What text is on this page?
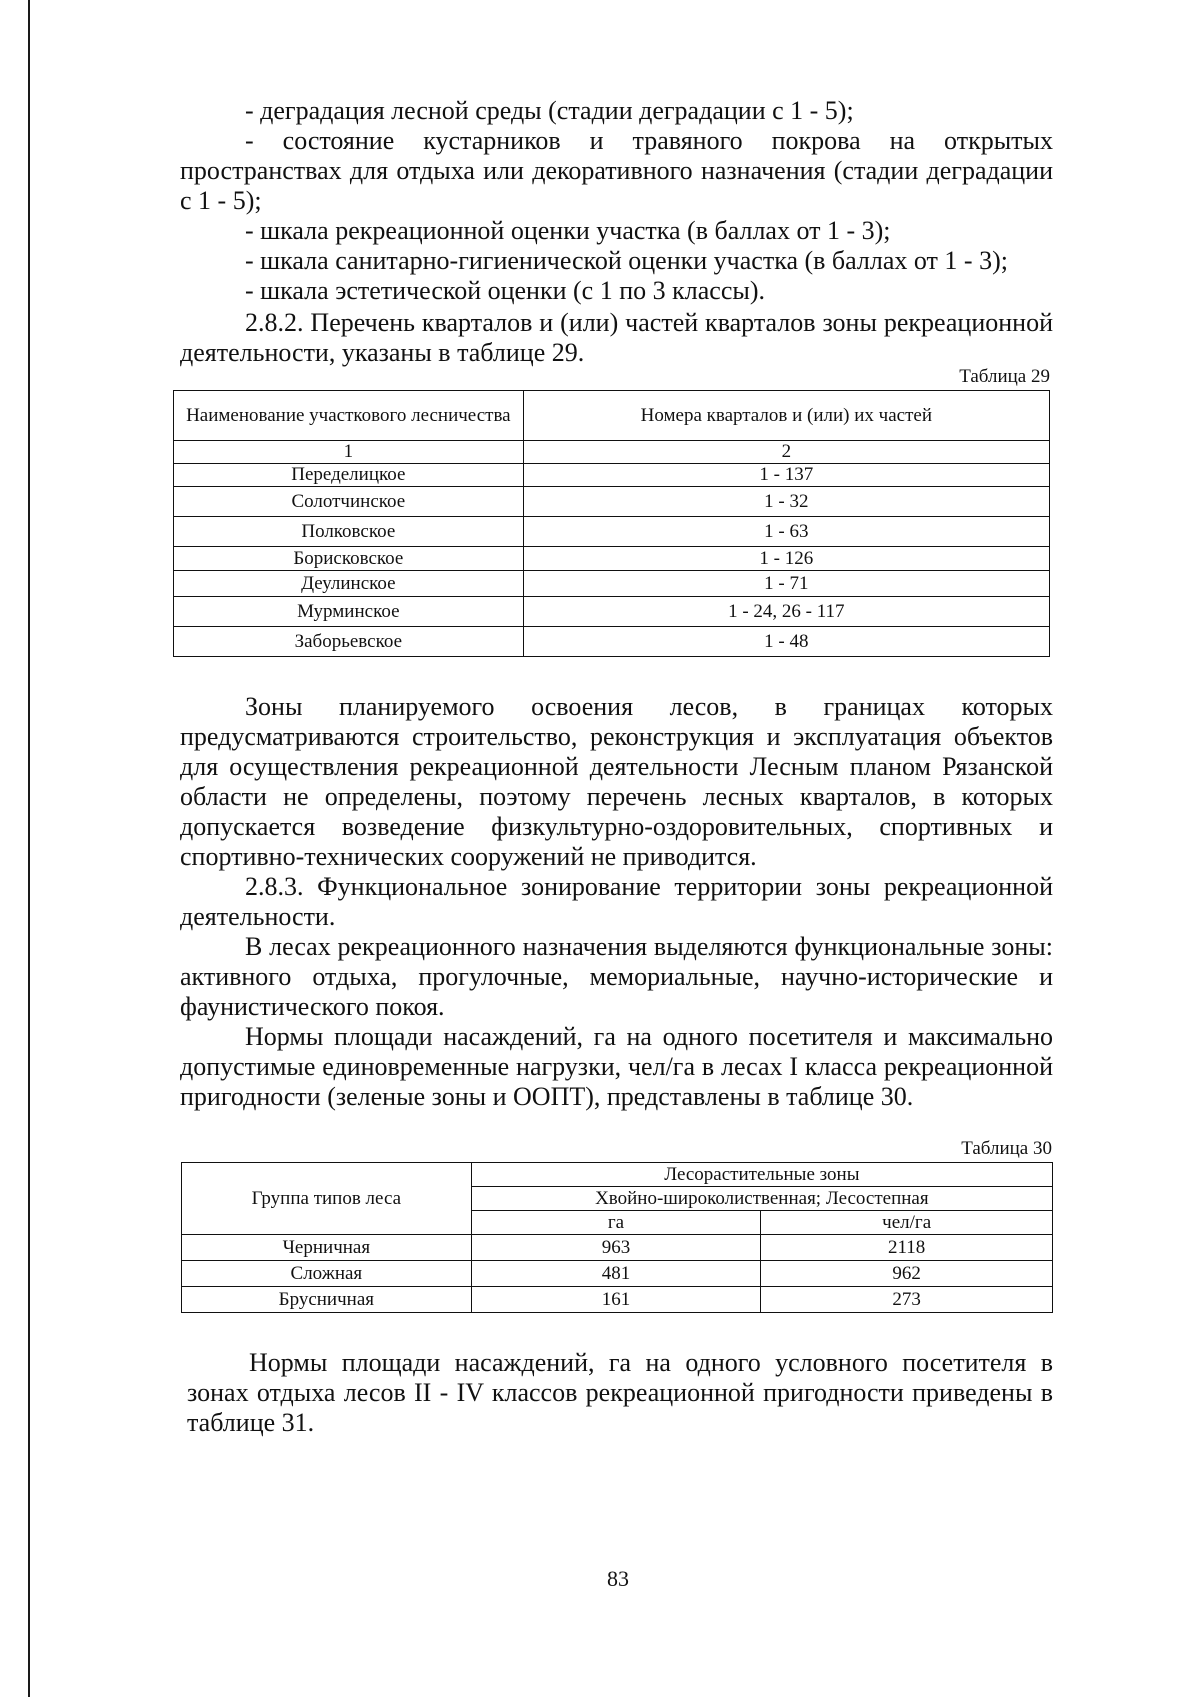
- деградация лесной среды (стадии деградации с 1 - 5);
- состояние кустарников и травяного покрова на открытых пространствах для отдыха или декоративного назначения (стадии деградации с 1 - 5);
- шкала рекреационной оценки участка (в баллах от 1 - 3);
- шкала санитарно-гигиенической оценки участка (в баллах от 1 - 3);
- шкала эстетической оценки (с 1 по 3 классы).
2.8.2. Перечень кварталов и (или) частей кварталов зоны рекреационной деятельности, указаны в таблице 29.
Таблица 29
Наименование участкового лесничества	Номера кварталов и (или) их частей
1	2
Переделицкое	1 - 137
Солотчинское	1 - 32
Полковское	1 - 63
Борисковское	1 - 126
Деулинское	1 - 71
Мурминское	1 - 24, 26 - 117
Заборьевское	1 - 48
Зоны планируемого освоения лесов, в границах которых предусматриваются строительство, реконструкция и эксплуатация объектов для осуществления рекреационной деятельности Лесным планом Рязанской области не определены, поэтому перечень лесных кварталов, в которых допускается возведение физкультурно-оздоровительных, спортивных и спортивно-технических сооружений не приводится.
2.8.3. Функциональное зонирование территории зоны рекреационной деятельности.
В лесах рекреационного назначения выделяются функциональные зоны: активного отдыха, прогулочные, мемориальные, научно-исторические и фаунистического покоя.
Нормы площади насаждений, га на одного посетителя и максимально допустимые единовременные нагрузки, чел/га в лесах I класса рекреационной пригодности (зеленые зоны и ООПТ), представлены в таблице 30.
Таблица 30
Группа типов леса	Лесорастительные зоны	
	Хвойно-широколиственная; Лесостепная	
	га	чел/га
Черничная	963	2118
Сложная	481	962
Брусничная	161	273
Нормы площади насаждений, га на одного условного посетителя в зонах отдыха лесов II - IV классов рекреационной пригодности приведены в таблице 31.
83
